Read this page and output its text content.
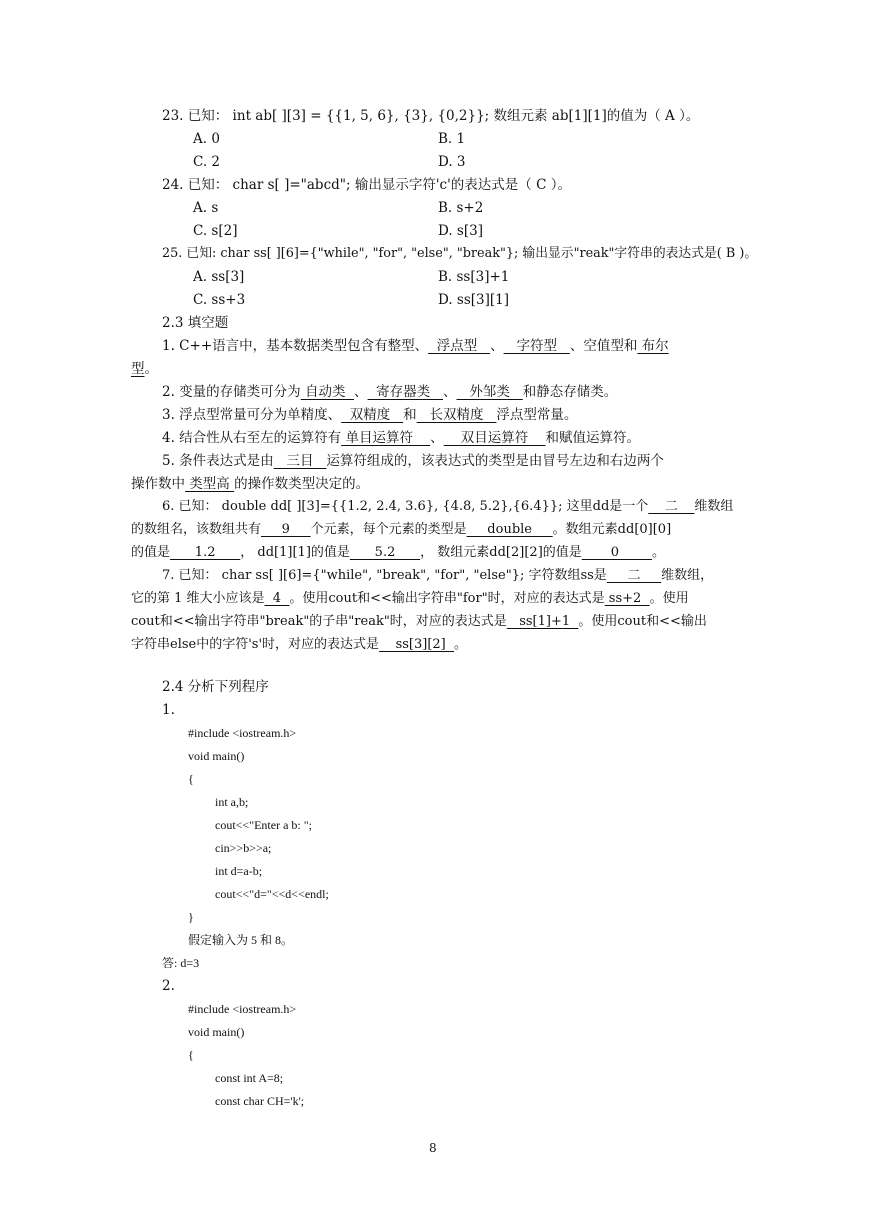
23. 已知： int ab[ ][3] = {{1, 5, 6}, {3}, {0,2}}; 数组元素 ab[1][1]的值为（ A ）。
A. 0	B. 1
C. 2	D. 3
24. 已知： char s[ ]="abcd"; 输出显示字符'c'的表达式是（ C ）。
A. s	B. s+2
C. s[2]	D. s[3]
25. 已知: char ss[ ][6]={"while", "for", "else", "break"}; 输出显示"reak"字符串的表达式是( B )。
A. ss[3]	B. ss[3]+1
C. ss+3	D. ss[3][1]
2.3 填空题
1. C++语言中，基本数据类型包含有整型、  浮点型   、   字符型   、空值型和 布尔
型。
2. 变量的存储类可分为 自动类  、  寄存器类   、   外邹类   和静态存储类。
3. 浮点型常量可分为单精度、  双精度   和   长双精度   浮点型常量。
4. 结合性从右至左的运算符有 单目运算符    、    双目运算符    和赋值运算符。
5. 条件表达式是由   三目   运算符组成的，该表达式的类型是由冒号左边和右边两个
操作数中 类型高 的操作数类型决定的。
6. 已知： double dd[ ][3]={{1.2, 2.4, 3.6}, {4.8, 5.2},{6.4}}; 这里dd是一个    二    维数组
的数组名，该数组共有     9     个元素，每个元素的类型是     double     。数组元素dd[0][0]
的值是      1.2      ， dd[1][1]的值是      5.2      ， 数组元素dd[2][2]的值是       0        。
7. 已知： char ss[ ][6]={"while", "break", "for", "else"}; 字符数组ss是     二     维数组，
它的第 1 维大小应该是  4  。使用cout和<<输出字符串"for"时，对应的表达式是 ss+2  。使用
cout和<<输出字符串"break"的子串"reak"时，对应的表达式是   ss[1]+1  。使用cout和<<输出
字符串else中的字符's'时，对应的表达式是    ss[3][2]  。
2.4 分析下列程序
1.
#include <iostream.h>
void main()
{
int a,b;
cout<<"Enter a b: ";
cin>>b>>a;
int d=a-b;
cout<<"d="<<d<<endl;
}
假定输入为 5 和 8。
答: d=3
2.
#include <iostream.h>
void main()
{
const int A=8;
const char CH='k';
8
